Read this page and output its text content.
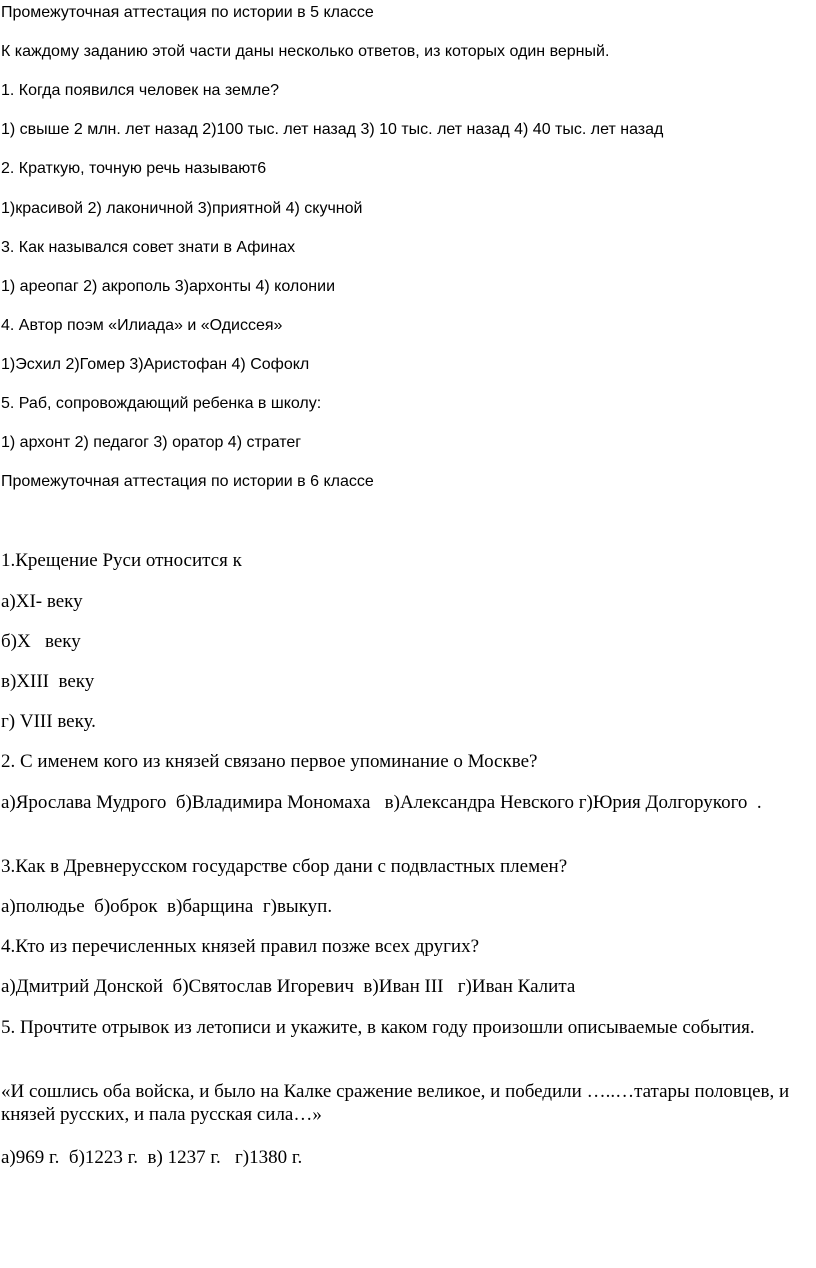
Промежуточная аттестация по истории в 5 классе
К каждому заданию этой части даны несколько ответов, из которых один верный.
1. Когда появился человек на земле?
1) свыше 2 млн. лет назад 2)100 тыс. лет назад 3) 10 тыс. лет назад 4) 40 тыс. лет назад
2. Краткую, точную речь называют6
1)красивой 2) лаконичной 3)приятной 4) скучной
3. Как назывался совет знати в Афинах
1) ареопаг 2) акрополь 3)архонты 4) колонии
4. Автор поэм «Илиада» и «Одиссея»
1)Эсхил 2)Гомер 3)Аристофан 4) Софокл
5. Раб, сопровождающий ребенка в школу:
1) архонт 2) педагог 3) оратор 4) стратег
Промежуточная аттестация по истории в 6 классе
1.Крещение Руси относится к
а)XI- веку
б)X   веку
в)XIII  веку
г) VIII веку.
2. С именем кого из князей связано первое упоминание о Москве?
а)Ярослава Мудрого  б)Владимира Мономаха   в)Александра Невского г)Юрия Долгорукого  .
3.Как в Древнерусском государстве сбор дани с подвластных племен?
а)полюдье  б)оброк  в)барщина  г)выкуп.
4.Кто из перечисленных князей правил позже всех других?
а)Дмитрий Донской  б)Святослав Игоревич  в)Иван III   г)Иван Калита
5. Прочтите отрывок из летописи и укажите, в каком году произошли описываемые события.
«И сошлись оба войска, и было на Калке сражение великое, и победили …..…татары половцев, и князей русских, и пала русская сила…»
а)969 г.  б)1223 г.  в) 1237 г.   г)1380 г.
